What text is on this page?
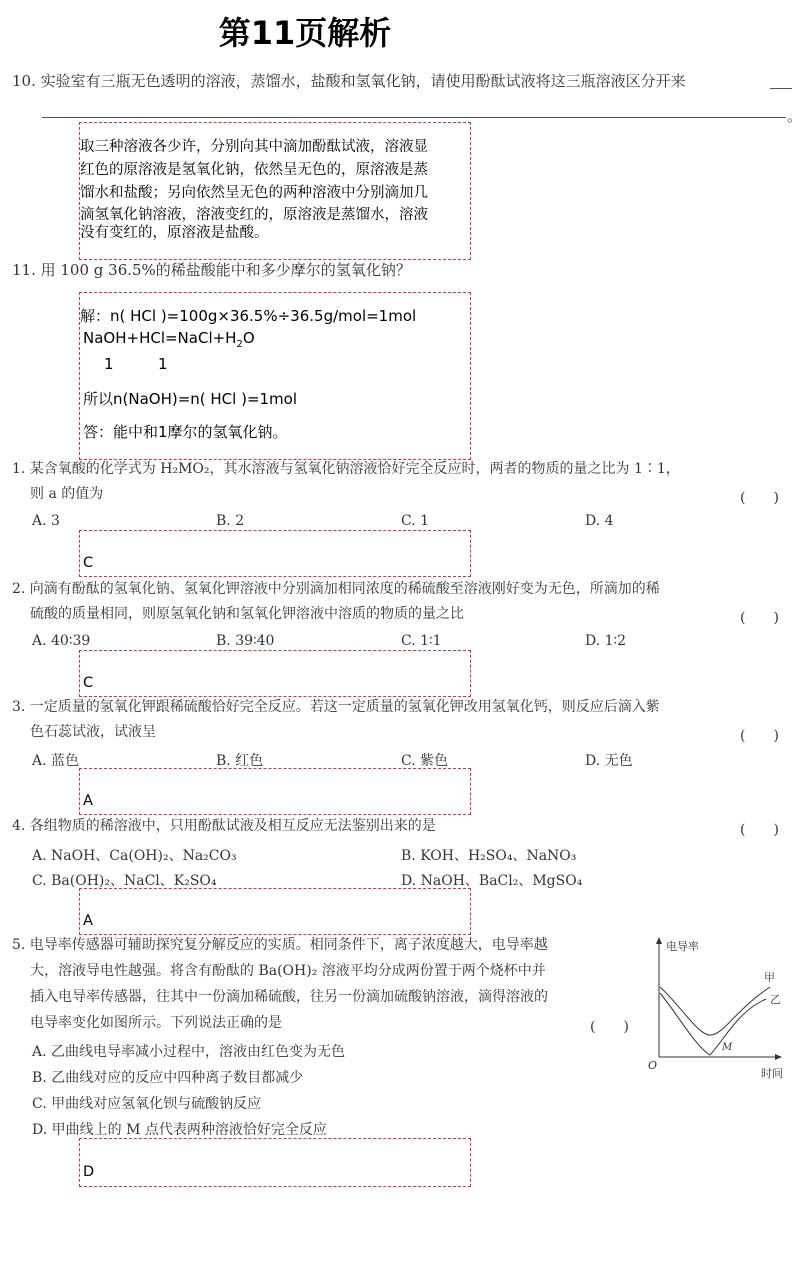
第11页解析
10. 实验室有三瓶无色透明的溶液，蒸馏水，盐酸和氢氧化钠，请使用酚酞试液将这三瓶溶液区分开来
。
取三种溶液各少许，分别向其中滴加酚酞试液，溶液显
红色的原溶液是氢氧化钠，依然呈无色的，原溶液是蒸
馏水和盐酸；另向依然呈无色的两种溶液中分别滴加几
滴氢氧化钠溶液，溶液变红的，原溶液是蒸馏水，溶液
没有变红的，原溶液是盐酸。
11. 用 100 g 36.5%的稀盐酸能中和多少摩尔的氢氧化钠？
解：n( HCl )=100g×36.5%÷36.5g/mol=1mol
$NaOH+HCl=NaCl+H_2O$
1	1
所以n(NaOH)=n( HCl )=1mol
答：能中和1摩尔的氢氧化钠。
1. 某含氧酸的化学式为 H₂MO₂，其水溶液与氢氧化钠溶液恰好完全反应时，两者的物质的量之比为 1∶1，
则 a 的值为	(　　)
A. 3	B. 2	C. 1	D. 4
C
2. 向滴有酚酞的氢氧化钠、氢氧化钾溶液中分别滴加相同浓度的稀硫酸至溶液刚好变为无色，所滴加的稀
硫酸的质量相同，则原氢氧化钠和氢氧化钾溶液中溶质的物质的量之比	(　　)
A. 40∶39	B. 39∶40	C. 1∶1	D. 1∶2
C
3. 一定质量的氢氧化钾跟稀硫酸恰好完全反应。若这一定质量的氢氧化钾改用氢氧化钙，则反应后滴入紫
色石蕊试液，试液呈	(　　)
A. 蓝色	B. 红色	C. 紫色	D. 无色
A
4. 各组物质的稀溶液中，只用酚酞试液及相互反应无法鉴别出来的是	(　　)
A. NaOH、Ca(OH)₂、Na₂CO₃	B. KOH、H₂SO₄、NaNO₃
C. Ba(OH)₂、NaCl、K₂SO₄	D. NaOH、BaCl₂、MgSO₄
A
5. 电导率传感器可辅助探究复分解反应的实质。相同条件下，离子浓度越大，电导率越
大，溶液导电性越强。将含有酚酞的 Ba(OH)₂ 溶液平均分成两份置于两个烧杯中并
插入电导率传感器，往其中一份滴加稀硫酸，往另一份滴加硫酸钠溶液，滴得溶液的
电导率变化如图所示。下列说法正确的是	(　　)
A. 乙曲线电导率减小过程中，溶液由红色变为无色
B. 乙曲线对应的反应中四种离子数目都减少
C. 甲曲线对应氢氧化钡与硫酸钠反应
D. 甲曲线上的 M 点代表两种溶液恰好完全反应
电导率
时间
O
甲
乙
M
D
